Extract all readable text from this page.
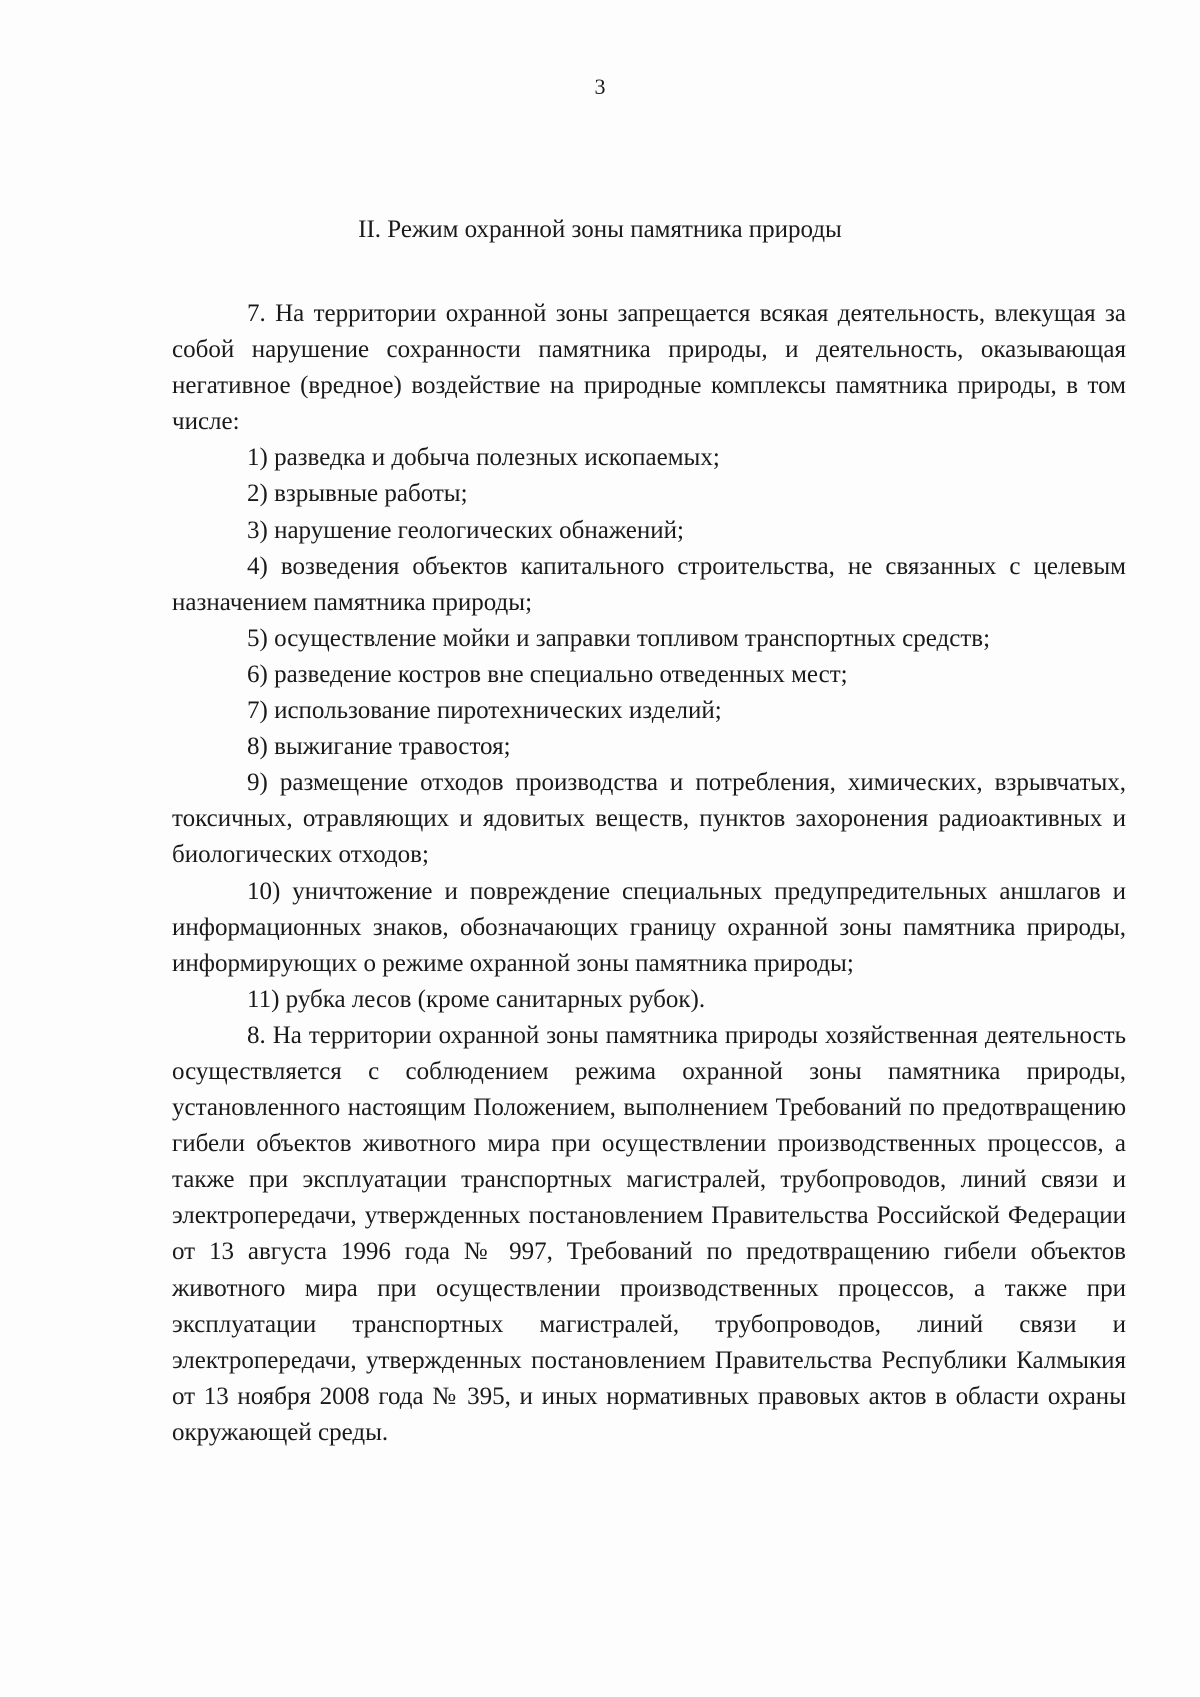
3
II. Режим охранной зоны памятника природы

7. На территории охранной зоны запрещается всякая деятельность, влекущая за собой нарушение сохранности памятника природы, и деятельность, оказывающая негативное (вредное) воздействие на природные комплексы памятника природы, в том числе:

1) разведка и добыча полезных ископаемых;

2) взрывные работы;

3) нарушение геологических обнажений;

4) возведения объектов капитального строительства, не связанных с целевым назначением памятника природы;

5) осуществление мойки и заправки топливом транспортных средств;

6) разведение костров вне специально отведенных мест;

7) использование пиротехнических изделий;

8) выжигание травостоя;

9) размещение отходов производства и потребления, химических, взрывчатых, токсичных, отравляющих и ядовитых веществ, пунктов захоронения радиоактивных и биологических отходов;

10) уничтожение и повреждение специальных предупредительных аншлагов и информационных знаков, обозначающих границу охранной зоны памятника природы, информирующих о режиме охранной зоны памятника природы;

11) рубка лесов (кроме санитарных рубок).

8. На территории охранной зоны памятника природы хозяйственная деятельность осуществляется с соблюдением режима охранной зоны памятника природы, установленного настоящим Положением, выполнением Требований по предотвращению гибели объектов животного мира при осуществлении производственных процессов, а также при эксплуатации транспортных магистралей, трубопроводов, линий связи и электропередачи, утвержденных постановлением Правительства Российской Федерации от 13 августа 1996 года № 997, Требований по предотвращению гибели объектов животного мира при осуществлении производственных процессов, а также при эксплуатации транспортных магистралей, трубопроводов, линий связи и электропередачи, утвержденных постановлением Правительства Республики Калмыкия от 13 ноября 2008 года № 395, и иных нормативных правовых актов в области охраны окружающей среды.
